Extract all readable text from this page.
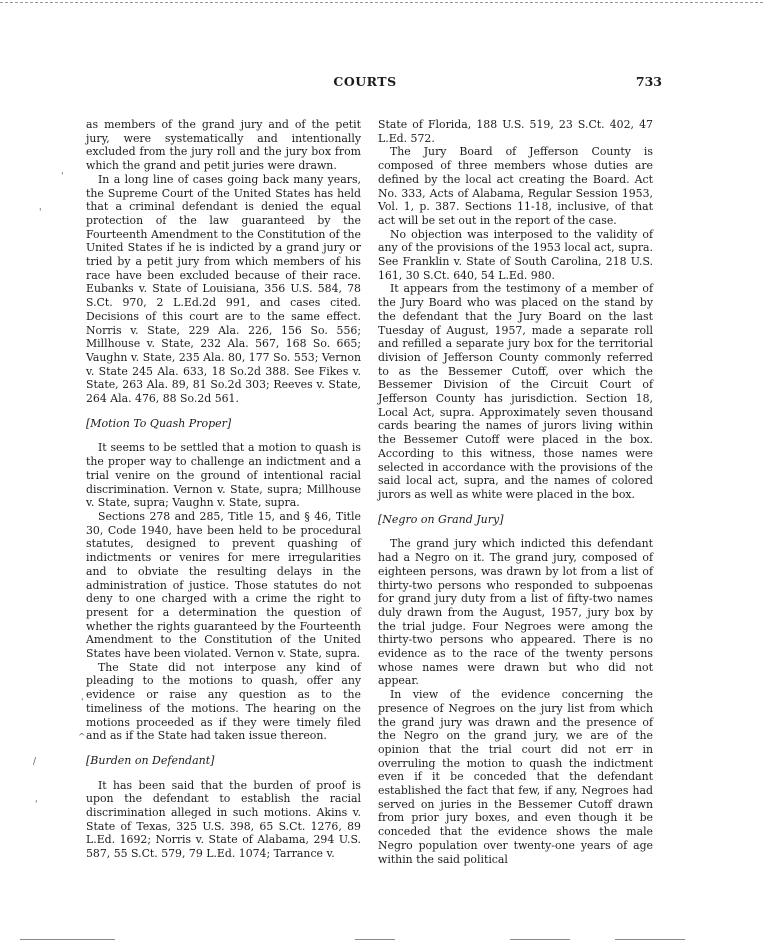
COURTS	733

as members of the grand jury and of the petit jury, were systematically and intentionally excluded from the jury roll and the jury box from which the grand and petit juries were drawn.

In a long line of cases going back many years, the Supreme Court of the United States has held that a criminal defendant is denied the equal protection of the law guaranteed by the Fourteenth Amendment to the Constitution of the United States if he is indicted by a grand jury or tried by a petit jury from which members of his race have been excluded because of their race. Eubanks v. State of Louisiana, 356 U.S. 584, 78 S.Ct. 970, 2 L.Ed.2d 991, and cases cited. Decisions of this court are to the same effect. Norris v. State, 229 Ala. 226, 156 So. 556; Millhouse v. State, 232 Ala. 567, 168 So. 665; Vaughn v. State, 235 Ala. 80, 177 So. 553; Vernon v. State 245 Ala. 633, 18 So.2d 388. See Fikes v. State, 263 Ala. 89, 81 So.2d 303; Reeves v. State, 264 Ala. 476, 88 So.2d 561.

[Motion To Quash Proper]

It seems to be settled that a motion to quash is the proper way to challenge an indictment and a trial venire on the ground of intentional racial discrimination. Vernon v. State, supra; Millhouse v. State, supra; Vaughn v. State, supra.

Sections 278 and 285, Title 15, and § 46, Title 30, Code 1940, have been held to be procedural statutes, designed to prevent quashing of indictments or venires for mere irregularities and to obviate the resulting delays in the administration of justice. Those statutes do not deny to one charged with a crime the right to present for a determination the question of whether the rights guaranteed by the Fourteenth Amendment to the Constitution of the United States have been violated. Vernon v. State, supra.

The State did not interpose any kind of pleading to the motions to quash, offer any evidence or raise any question as to the timeliness of the motions. The hearing on the motions proceeded as if they were timely filed and as if the State had taken issue thereon.

[Burden on Defendant]

It has been said that the burden of proof is upon the defendant to establish the racial discrimination alleged in such motions. Akins v. State of Texas, 325 U.S. 398, 65 S.Ct. 1276, 89 L.Ed. 1692; Norris v. State of Alabama, 294 U.S. 587, 55 S.Ct. 579, 79 L.Ed. 1074; Tarrance v.

State of Florida, 188 U.S. 519, 23 S.Ct. 402, 47 L.Ed. 572.

The Jury Board of Jefferson County is composed of three members whose duties are defined by the local act creating the Board. Act No. 333, Acts of Alabama, Regular Session 1953, Vol. 1, p. 387. Sections 11-18, inclusive, of that act will be set out in the report of the case.

No objection was interposed to the validity of any of the provisions of the 1953 local act, supra. See Franklin v. State of South Carolina, 218 U.S. 161, 30 S.Ct. 640, 54 L.Ed. 980.

It appears from the testimony of a member of the Jury Board who was placed on the stand by the defendant that the Jury Board on the last Tuesday of August, 1957, made a separate roll and refilled a separate jury box for the territorial division of Jefferson County commonly referred to as the Bessemer Cutoff, over which the Bessemer Division of the Circuit Court of Jefferson County has jurisdiction. Section 18, Local Act, supra. Approximately seven thousand cards bearing the names of jurors living within the Bessemer Cutoff were placed in the box. According to this witness, those names were selected in accordance with the provisions of the said local act, supra, and the names of colored jurors as well as white were placed in the box.

[Negro on Grand Jury]

The grand jury which indicted this defendant had a Negro on it. The grand jury, composed of eighteen persons, was drawn by lot from a list of thirty-two persons who responded to subpoenas for grand jury duty from a list of fifty-two names duly drawn from the August, 1957, jury box by the trial judge. Four Negroes were among the thirty-two persons who appeared. There is no evidence as to the race of the twenty persons whose names were drawn but who did not appear.

In view of the evidence concerning the presence of Negroes on the jury list from which the grand jury was drawn and the presence of the Negro on the grand jury, we are of the opinion that the trial court did not err in overruling the motion to quash the indictment even if it be conceded that the defendant established the fact that few, if any, Negroes had served on juries in the Bessemer Cutoff drawn from prior jury boxes, and even though it be conceded that the evidence shows the male Negro population over twenty-one years of age within the said political

'
'
'
^
/
'
